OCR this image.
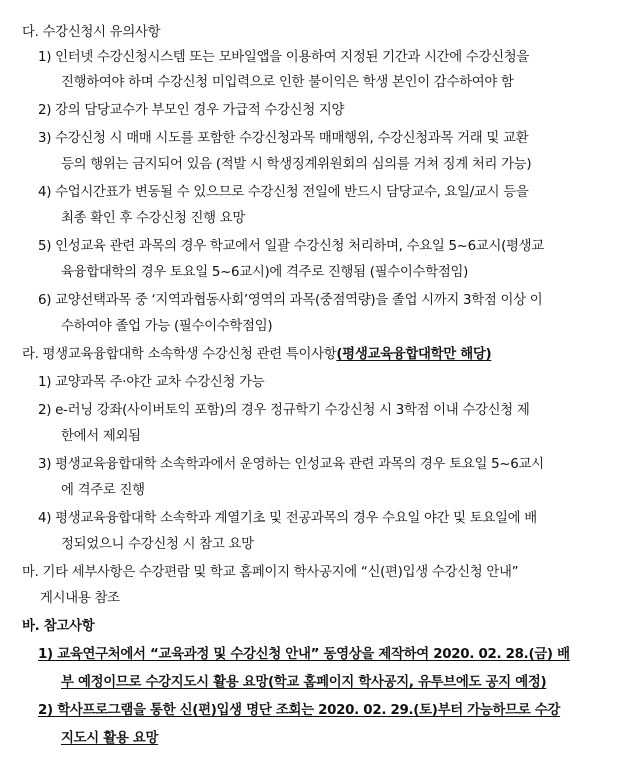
다. 수강신청시 유의사항
1) 인터넷 수강신청시스템 또는 모바일앱을 이용하여 지정된 기간과 시간에 수강신청을
진행하여야 하며 수강신청 미입력으로 인한 불이익은 학생 본인이 감수하여야 함
2) 강의 담당교수가 부모인 경우 가급적 수강신청 지양
3) 수강신청 시 매매 시도를 포함한 수강신청과목 매매행위, 수강신청과목 거래 및 교환
등의 행위는 금지되어 있음 (적발 시 학생징계위원회의 심의를 거쳐 징계 처리 가능)
4) 수업시간표가 변동될 수 있으므로 수강신청 전일에 반드시 담당교수, 요일/교시 등을
최종 확인 후 수강신청 진행 요망
5) 인성교육 관련 과목의 경우 학교에서 일괄 수강신청 처리하며, 수요일 5~6교시(평생교
육융합대학의 경우 토요일 5~6교시)에 격주로 진행됨 (필수이수학점임)
6) 교양선택과목 중 ‘지역과협동사회’영역의 과목(중점역량)을 졸업 시까지 3학점 이상 이
수하여야 졸업 가능 (필수이수학점임)
라. 평생교육융합대학 소속학생 수강신청 관련 특이사항(평생교육융합대학만 해당)
1) 교양과목 주·야간 교차 수강신청 가능
2) e-러닝 강좌(사이버토익 포함)의 경우 정규학기 수강신청 시 3학점 이내 수강신청 제
한에서 제외됨
3) 평생교육융합대학 소속학과에서 운영하는 인성교육 관련 과목의 경우 토요일 5~6교시
에 격주로 진행
4) 평생교육융합대학 소속학과 계열기초 및 전공과목의 경우 수요일 야간 및 토요일에 배
정되었으니 수강신청 시 참고 요망
마. 기타 세부사항은 수강편람 및 학교 홈페이지 학사공지에 “신(편)입생 수강신청 안내”
게시내용 참조
바. 참고사항
1) 교육연구처에서 “교육과정 및 수강신청 안내” 동영상을 제작하여 2020. 02. 28.(금) 배
부 예정이므로 수강지도시 활용 요망(학교 홈페이지 학사공지, 유투브에도 공지 예정)
2) 학사프로그램을 통한 신(편)입생 명단 조회는 2020. 02. 29.(토)부터 가능하므로 수강
지도시 활용 요망
